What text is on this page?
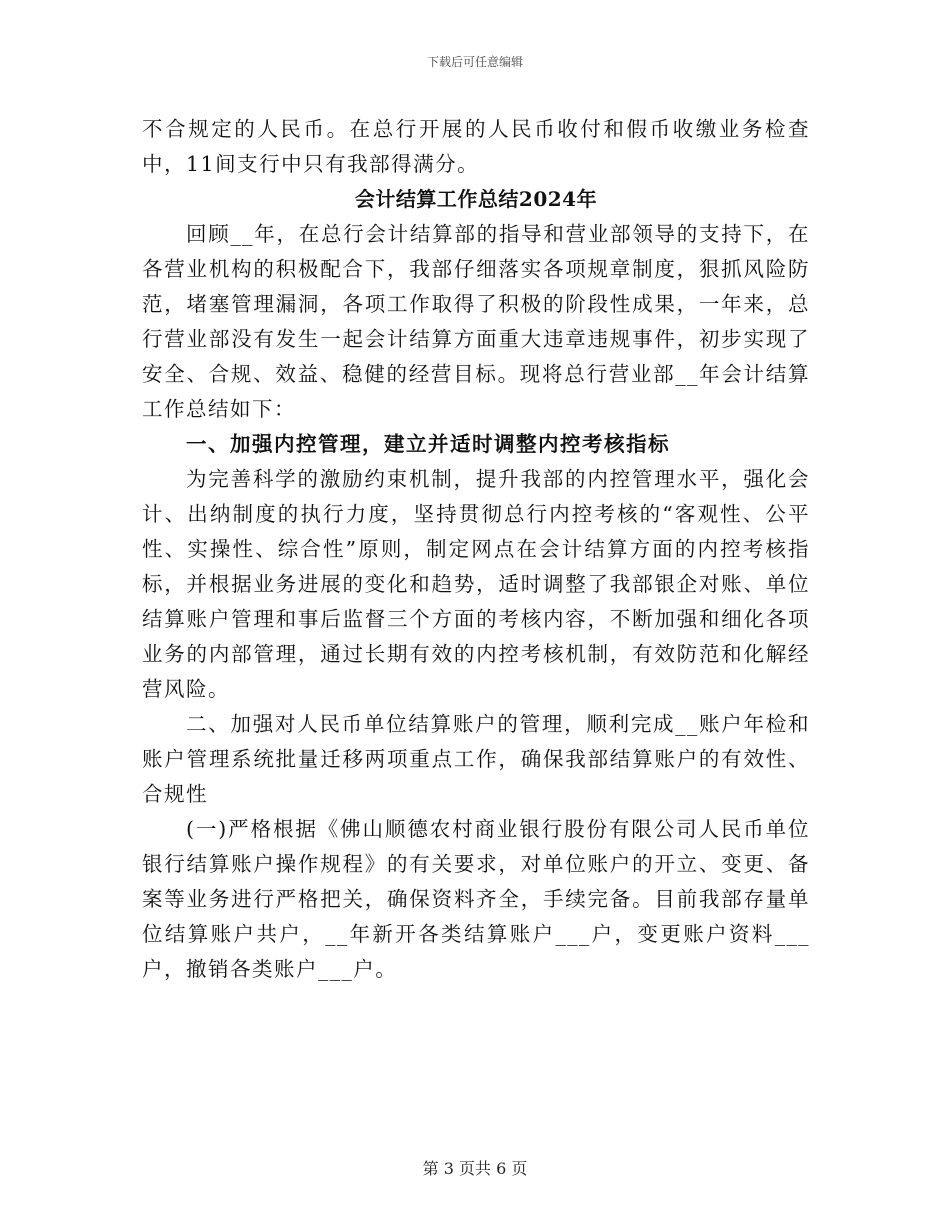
下载后可任意编辑

不合规定的人民币。在总行开展的人民币收付和假币收缴业务检查中，11间支行中只有我部得满分。

会计结算工作总结2024年

回顾__年，在总行会计结算部的指导和营业部领导的支持下，在各营业机构的积极配合下，我部仔细落实各项规章制度，狠抓风险防范，堵塞管理漏洞，各项工作取得了积极的阶段性成果，一年来，总行营业部没有发生一起会计结算方面重大违章违规事件，初步实现了安全、合规、效益、稳健的经营目标。现将总行营业部__年会计结算工作总结如下：

一、加强内控管理，建立并适时调整内控考核指标

为完善科学的激励约束机制，提升我部的内控管理水平，强化会计、出纳制度的执行力度，坚持贯彻总行内控考核的“客观性、公平性、实操性、综合性”原则，制定网点在会计结算方面的内控考核指标，并根据业务进展的变化和趋势，适时调整了我部银企对账、单位结算账户管理和事后监督三个方面的考核内容，不断加强和细化各项业务的内部管理，通过长期有效的内控考核机制，有效防范和化解经营风险。

二、加强对人民币单位结算账户的管理，顺利完成__账户年检和账户管理系统批量迁移两项重点工作，确保我部结算账户的有效性、合规性

(一)严格根据《佛山顺德农村商业银行股份有限公司人民币单位银行结算账户操作规程》的有关要求，对单位账户的开立、变更、备案等业务进行严格把关，确保资料齐全，手续完备。目前我部存量单位结算账户共户，__年新开各类结算账户___户，变更账户资料___户，撤销各类账户___户。

第 3 页共 6 页
